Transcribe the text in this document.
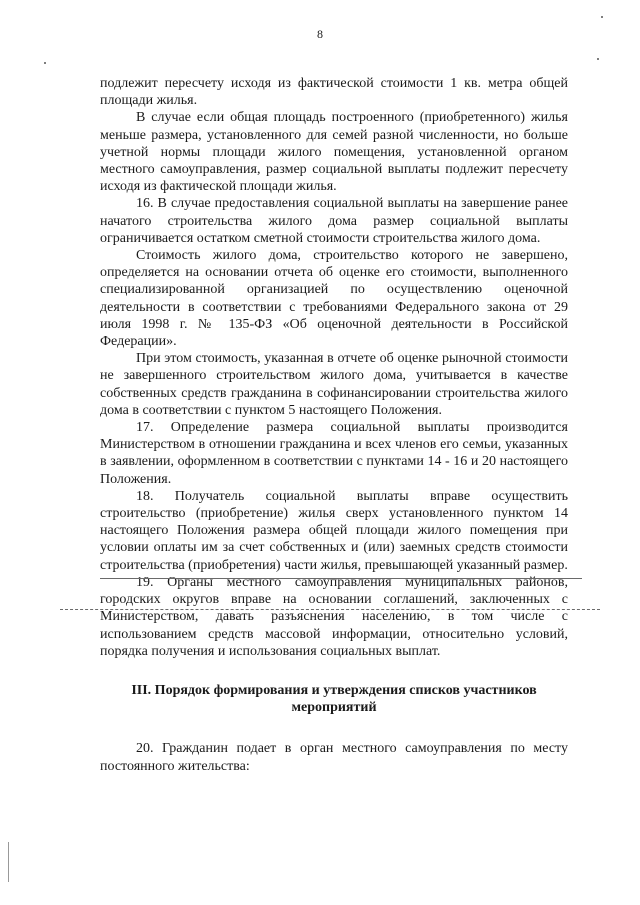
8

подлежит пересчету исходя из фактической стоимости 1 кв. метра общей площади жилья.

В случае если общая площадь построенного (приобретенного) жилья меньше размера, установленного для семей разной численности, но больше учетной нормы площади жилого помещения, установленной органом местного самоуправления, размер социальной выплаты подлежит пересчету исходя из фактической площади жилья.

16. В случае предоставления социальной выплаты на завершение ранее начатого строительства жилого дома размер социальной выплаты ограничивается остатком сметной стоимости строительства жилого дома.

Стоимость жилого дома, строительство которого не завершено, определяется на основании отчета об оценке его стоимости, выполненного специализированной организацией по осуществлению оценочной деятельности в соответствии с требованиями Федерального закона от 29 июля 1998 г. № 135-ФЗ «Об оценочной деятельности в Российской Федерации».

При этом стоимость, указанная в отчете об оценке рыночной стоимости не завершенного строительством жилого дома, учитывается в качестве собственных средств гражданина в софинансировании строительства жилого дома в соответствии с пунктом 5 настоящего Положения.

17. Определение размера социальной выплаты производится Министерством в отношении гражданина и всех членов его семьи, указанных в заявлении, оформленном в соответствии с пунктами 14 - 16 и 20 настоящего Положения.

18. Получатель социальной выплаты вправе осуществить строительство (приобретение) жилья сверх установленного пунктом 14 настоящего Положения размера общей площади жилого помещения при условии оплаты им за счет собственных и (или) заемных средств стоимости строительства (приобретения) части жилья, превышающей указанный размер.

19. Органы местного самоуправления муниципальных районов, городских округов вправе на основании соглашений, заключенных с Министерством, давать разъяснения населению, в том числе с использованием средств массовой информации, относительно условий, порядка получения и использования социальных выплат.

III. Порядок формирования и утверждения списков участников мероприятий

20. Гражданин подает в орган местного самоуправления по месту постоянного жительства:
